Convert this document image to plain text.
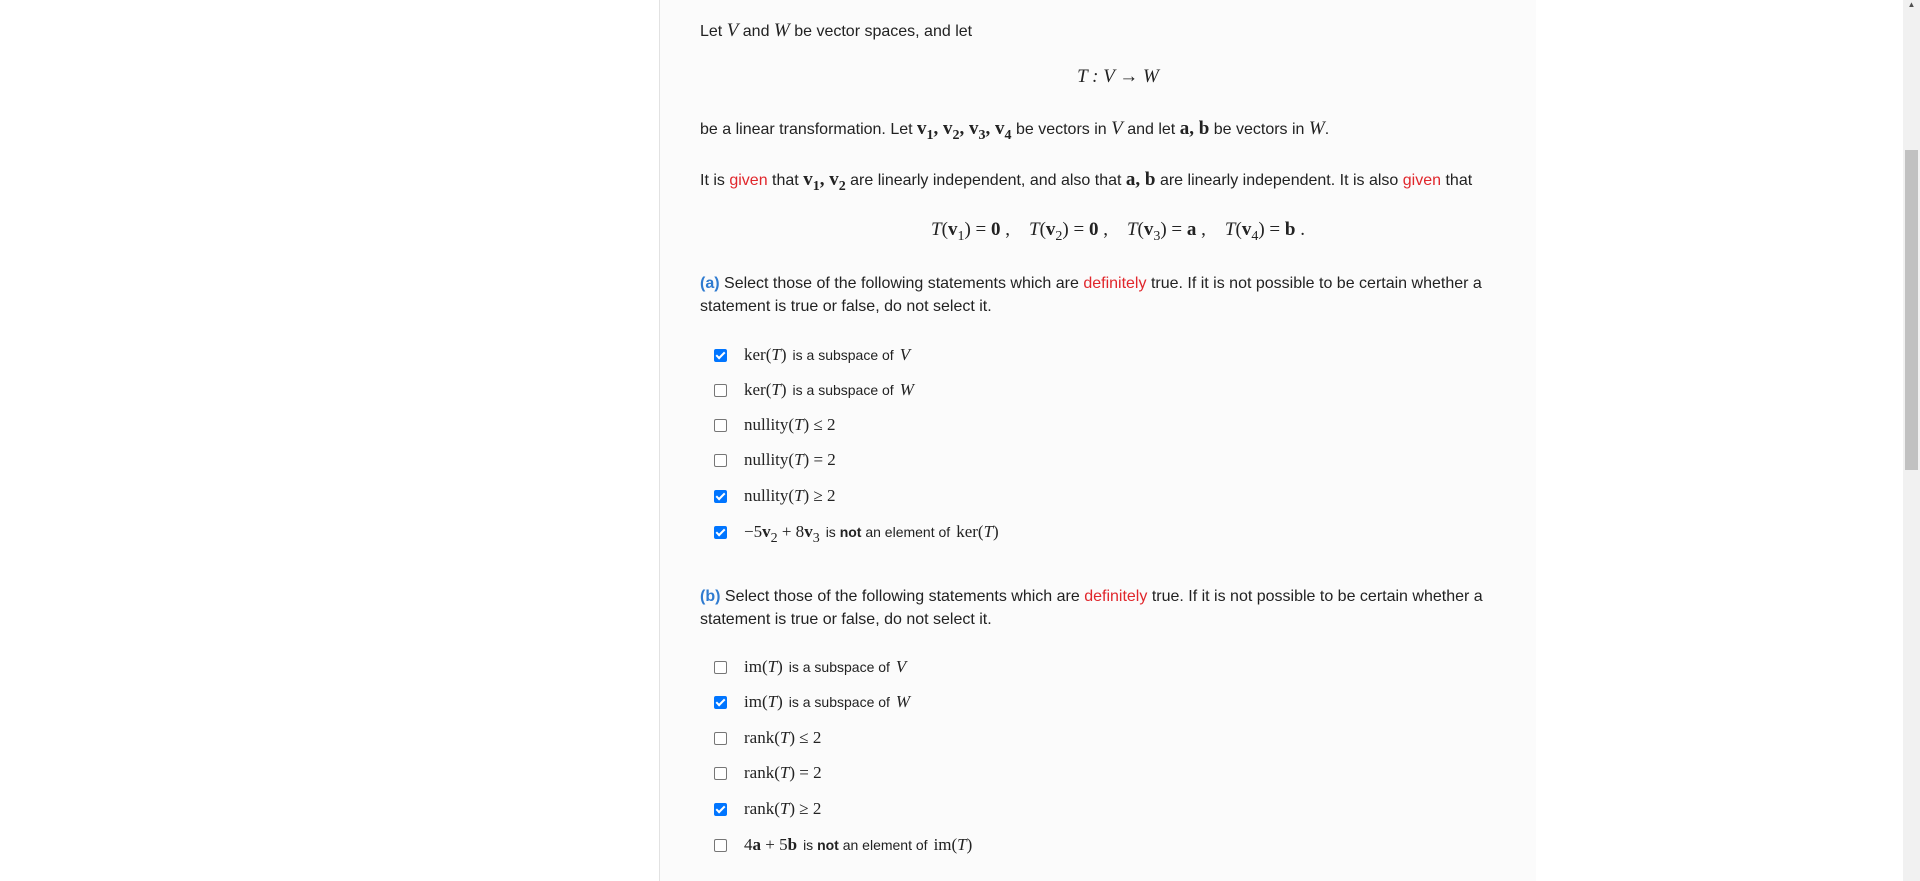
Let V and W be vector spaces, and let
T : V → W
be a linear transformation. Let $v_1$, $v_2$, $v_3$, $v_4$ be vectors in V and let a, b be vectors in W.
It is given that $v_1$, $v_2$ are linearly independent, and also that a, b are linearly independent. It is also given that
$T(v_1) = 0$ ,    $T(v_2) = 0$ ,    $T(v_3) = a$ ,    $T(v_4) = b$ .
(a) Select those of the following statements which are definitely true. If it is not possible to be certain whether a
statement is true or false, do not select it.
ker(T) is a subspace of V
ker(T) is a subspace of W
nullity(T) ≤ 2
nullity(T) = 2
nullity(T) ≥ 2
$-5v_2 + 8v_3$ is not an element of ker(T)
(b) Select those of the following statements which are definitely true. If it is not possible to be certain whether a
statement is true or false, do not select it.
im(T) is a subspace of V
im(T) is a subspace of W
rank(T) ≤ 2
rank(T) = 2
rank(T) ≥ 2
4a + 5b is not an element of im(T)
▲
